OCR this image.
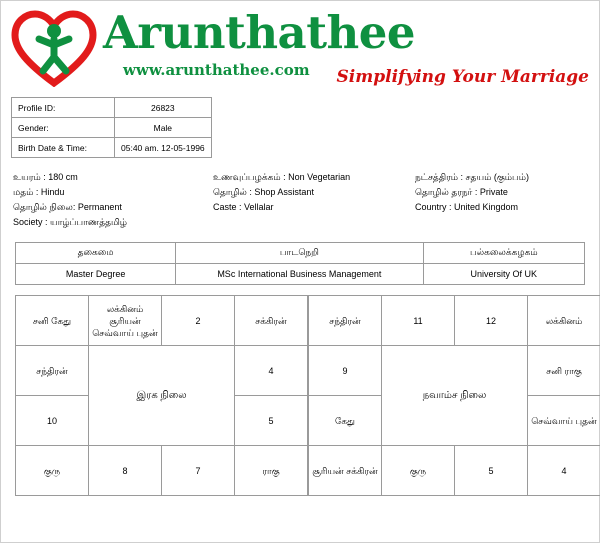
Arunthathee
www.arunthathee.com	Simplifying Your Marriage
Profile ID:	26823
Gender:	Male
Birth Date & Time:	05:40 am. 12-05-1996
உயரம் : 180 cm
மதம் : Hindu
தொழில் நிலை: Permanent
Society : யாழ்ப்பாணத்தமிழ்
உணவுப்பழக்கம் : Non Vegetarian
தொழில் : Shop Assistant
Caste : Vellalar
நட்சத்திரம் : சதயம் (கும்பம்)
தொழில் தரநர் : Private
Country : United Kingdom
தகைமை	பாடநெறி	பல்கலைக்கழகம்
Master Degree	MSc International Business Management	University Of UK
சனி கேது	லக்கினம் சூரியன் செவ்வாய் புதன்	2	சக்கிரன்
சந்திரன்	இரக நிலை		4
10			5
குரு	8	7	ராகு
சந்திரன்	11	12	லக்கினம்
9	நவாம்ச நிலை		சனி ராகு
கேது			செவ்வாய் புதன்
சூரியன் சக்கிரன்	குரு	5	4
